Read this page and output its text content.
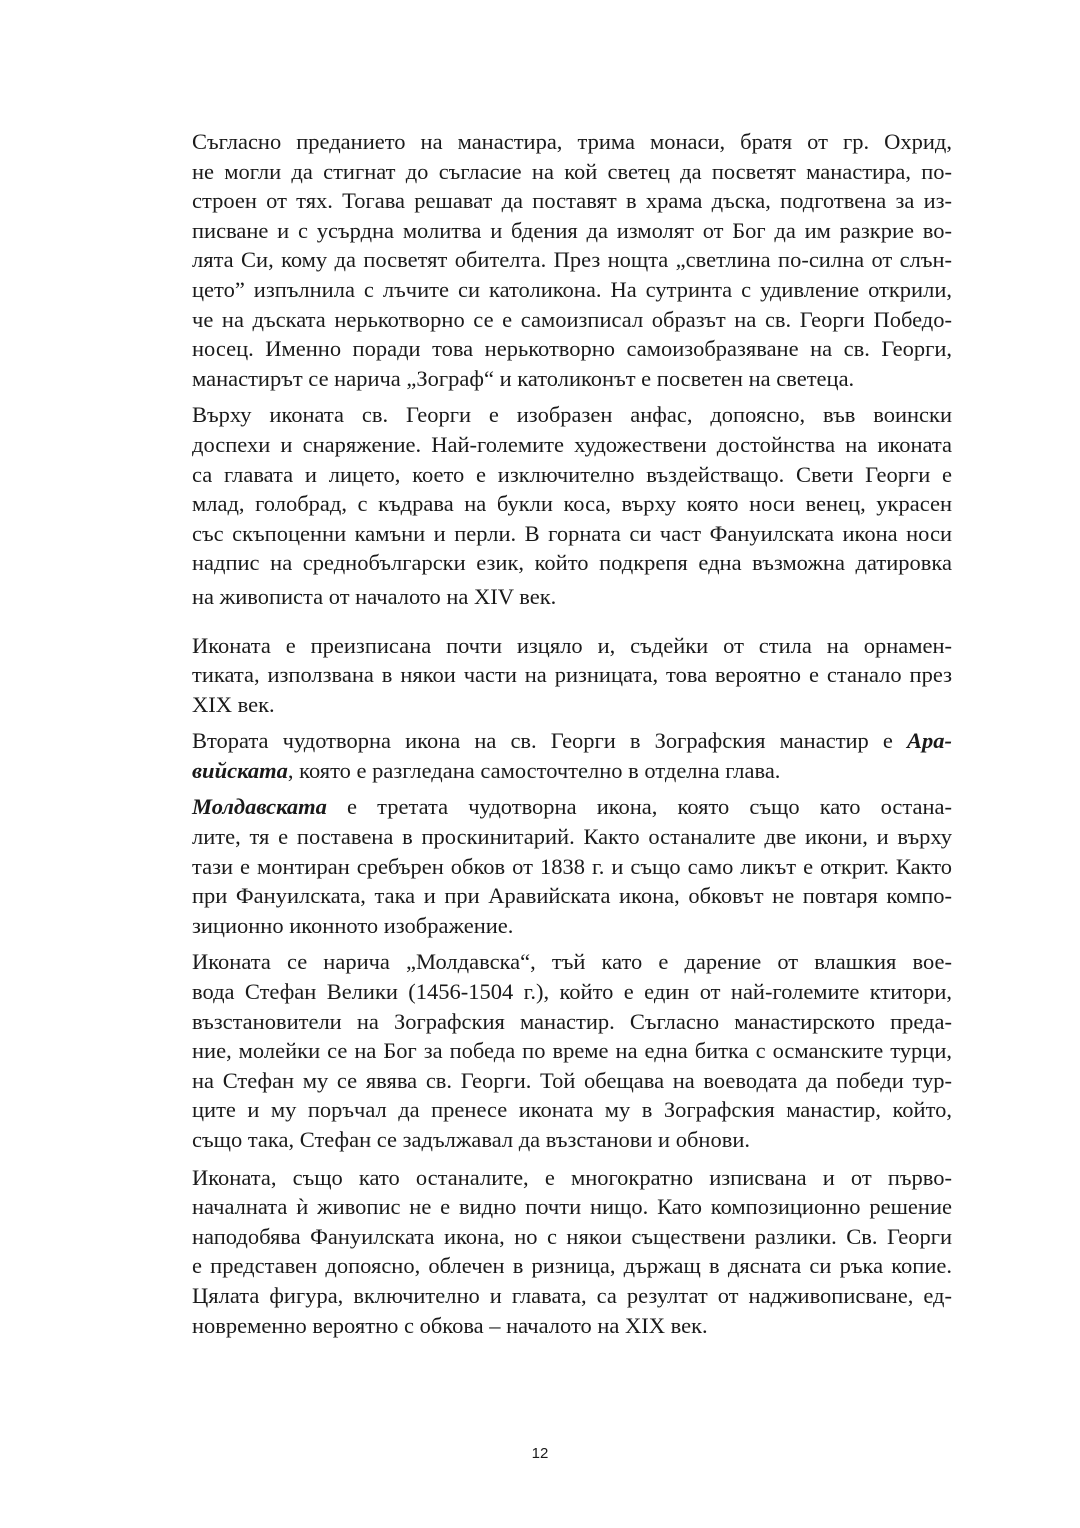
Съгласно преданието на манастира, трима монаси, братя от гр. Охрид,
не могли да стигнат до съгласие на кой светец да посветят манастира, по-
строен от тях. Тогава решават да поставят в храма дъска, подготвена за из-
писване и с усърдна молитва и бдения да измолят от Бог да им разкрие во-
лята Си, кому да посветят обителта. През нощта „светлина по-силна от слън-
цето” изпълнила с лъчите си католикона. На сутринта с удивление открили,
че на дъската нерькотворно се е самоизписал образът на св. Георги Победо-
носец. Именно поради това нерькотворно самоизобразяване на св. Георги,
манастирът се нарича „Зограф“ и католиконът е посветен на светеца.

Върху иконата св. Георги е изобразен анфас, допоясно, във воински
доспехи и снаряжение. Най-големите художествени достойнства на иконата
са главата и лицето, което е изключително въздействащо. Свети Георги е
млад, голобрад, с къдрава на букли коса, върху която носи венец, украсен
със скъпоценни камъни и перли. В горната си част Фануилската икона носи
надпис на среднобългарски език, който подкрепя една възможна датировка
на живописта от началото на XIV век.

Иконата е преизписана почти изцяло и, съдейки от стила на орнамен-
тиката, използвана в някои части на ризницата, това вероятно е станало през
XIX век.

Втората чудотворна икона на св. Георги в Зографския манастир е Ара-
вийската, която е разгледана самосточтелно в отделна глава.

Молдавската е третата чудотворна икона, която също като останa-
лите, тя е поставена в проскинитарий. Както останалите две икони, и върху
тази е монтиран сребърен обков от 1838 г. и също само ликът е открит. Както
при Фануилската, така и при Аравийската икона, обковът не повтаря компо-
зиционно иконното изображение.

Иконата се нарича „Молдавска“, тъй като е дарение от влашкия вое-
вода Стефан Велики (1456-1504 г.), който е един от най-големите ктитори,
възстановители на Зографския манастир. Съгласно манастирското преда-
ние, молейки се на Бог за победа по време на една битка с османските турци,
на Стефан му се явява св. Георги. Той обещава на воеводата да победи тур-
ците и му поръчал да пренесе иконата му в Зографския манастир, който,
също така, Стефан се задължавал да възстанови и обнови.

Иконата, също като останалите, е многократно изписвана и от първо-
началната ѝ живопис не е видно почти нищо. Като композиционно решение
наподобява Фануилската икона, но с някои съществени разлики. Св. Георги
е представен допоясно, облечен в ризница, държащ в дясната си ръка копие.
Цялата фигура, включително и главата, са резултат от надживописване, ед-
новременно вероятно с обкова – началото на XIX век.

12
